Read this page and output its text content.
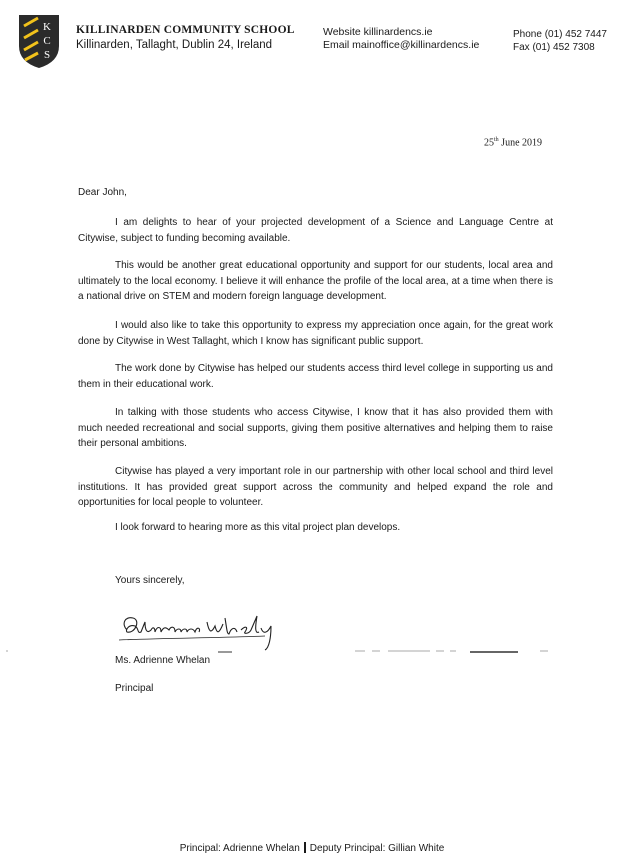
K
C
S
KILLINARDEN COMMUNITY SCHOOL
Killinarden, Tallaght, Dublin 24, Ireland
Website killinardencs.ie
Email mainoffice@killinardencs.ie
Phone (01) 452 7447
Fax (01) 452 7308
25th June 2019

Dear John,

I am delights to hear of your projected development of a Science and Language Centre at Citywise, subject to funding becoming available.

This would be another great educational opportunity and support for our students, local area and ultimately to the local economy. I believe it will enhance the profile of the local area, at a time when there is a national drive on STEM and modern foreign language development.

I would also like to take this opportunity to express my appreciation once again, for the great work done by Citywise in West Tallaght, which I know has significant public support.

The work done by Citywise has helped our students access third level college in supporting us and them in their educational work.

In talking with those students who access Citywise, I know that it has also provided them with much needed recreational and social supports, giving them positive alternatives and helping them to raise their personal ambitions.

Citywise has played a very important role in our partnership with other local school and third level institutions. It has provided great support across the community and helped expand the role and opportunities for local people to volunteer.

I look forward to hearing more as this vital project plan develops.

Yours sincerely,

Ms. Adrienne Whelan

Principal

Principal: Adrienne Whelan Deputy Principal: Gillian White
